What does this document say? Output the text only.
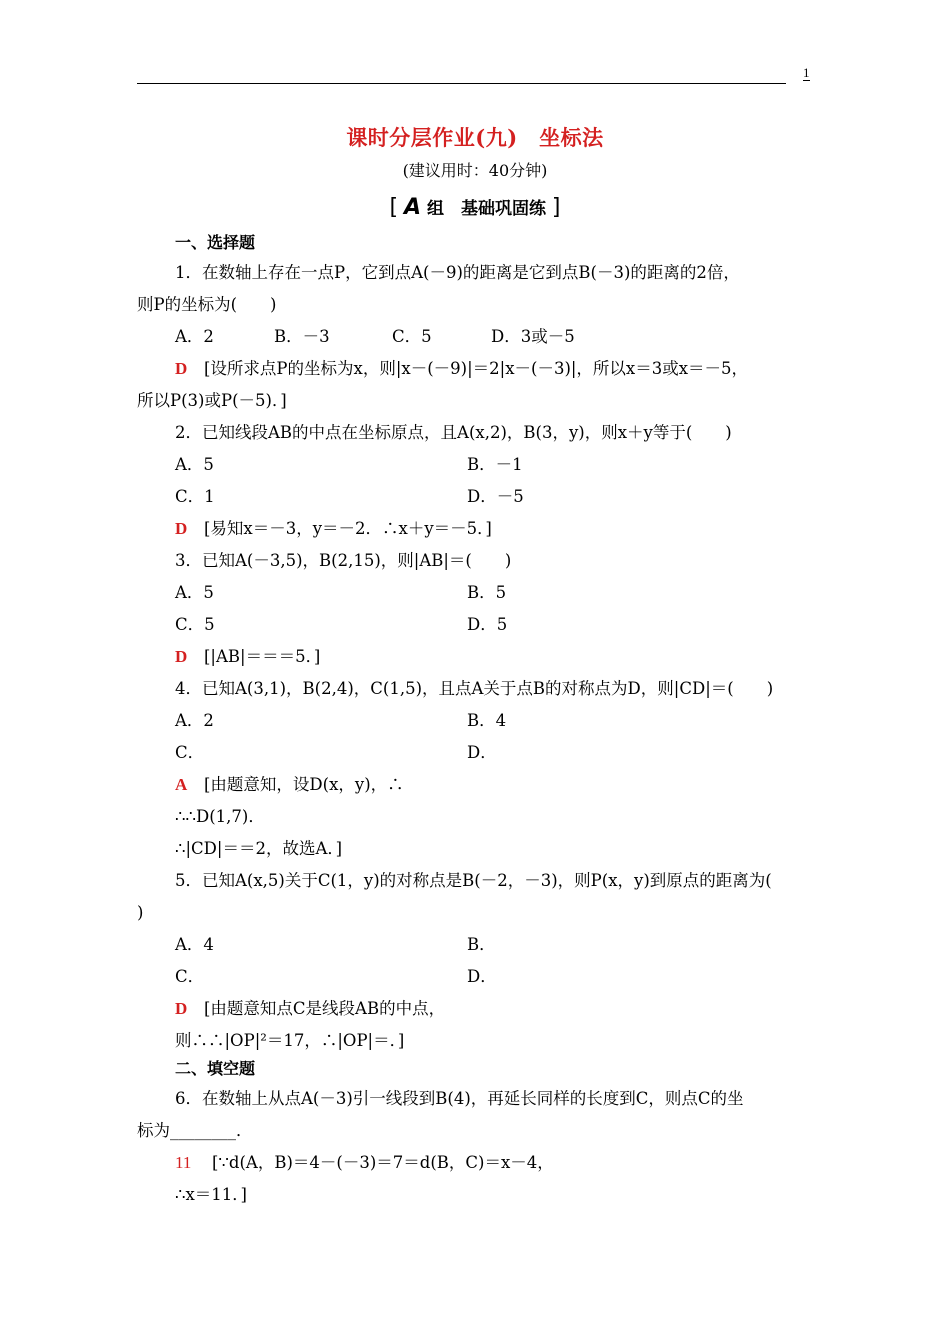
1
课时分层作业(九)　坐标法
(建议用时：40分钟)
[ A 组　基础巩固练 ]
一、选择题
1．在数轴上存在一点P，它到点A(－9)的距离是它到点B(－3)的距离的2倍，
则P的坐标为(　　)
A．2	B．－3	C．5	D．3或－5
D [设所求点P的坐标为x，则|x－(－9)|＝2|x－(－3)|，所以x＝3或x＝－5，
所以P(3)或P(－5)．]
2．已知线段AB的中点在坐标原点，且A(x,2)，B(3，y)，则x＋y等于(　　)
A．5	B．－1
C．1	D．－5
D [易知x＝－3，y＝－2．∴x＋y＝－5．]
3．已知A(－3,5)，B(2,15)，则|AB|＝(　　)
A．5	B．5
C．5	D．5
D [|AB|＝＝＝5．]
4．已知A(3,1)，B(2,4)，C(1,5)，且点A关于点B的对称点为D，则|CD|＝(　　)
A．2	B．4
C．	D．
A [由题意知，设D(x，y)，∴
∴∴D(1,7)．
∴|CD|＝＝2，故选A．]
5．已知A(x,5)关于C(1，y)的对称点是B(－2，－3)，则P(x，y)到原点的距离为(
)
A．4	B．
C．	D．
D [由题意知点C是线段AB的中点，
则∴∴|OP|²＝17，∴|OP|＝．]
二、填空题
6．在数轴上从点A(－3)引一线段到B(4)，再延长同样的长度到C，则点C的坐
标为________．
11 [∵d(A，B)＝4－(－3)＝7＝d(B，C)＝x－4，
∴x＝11．]
